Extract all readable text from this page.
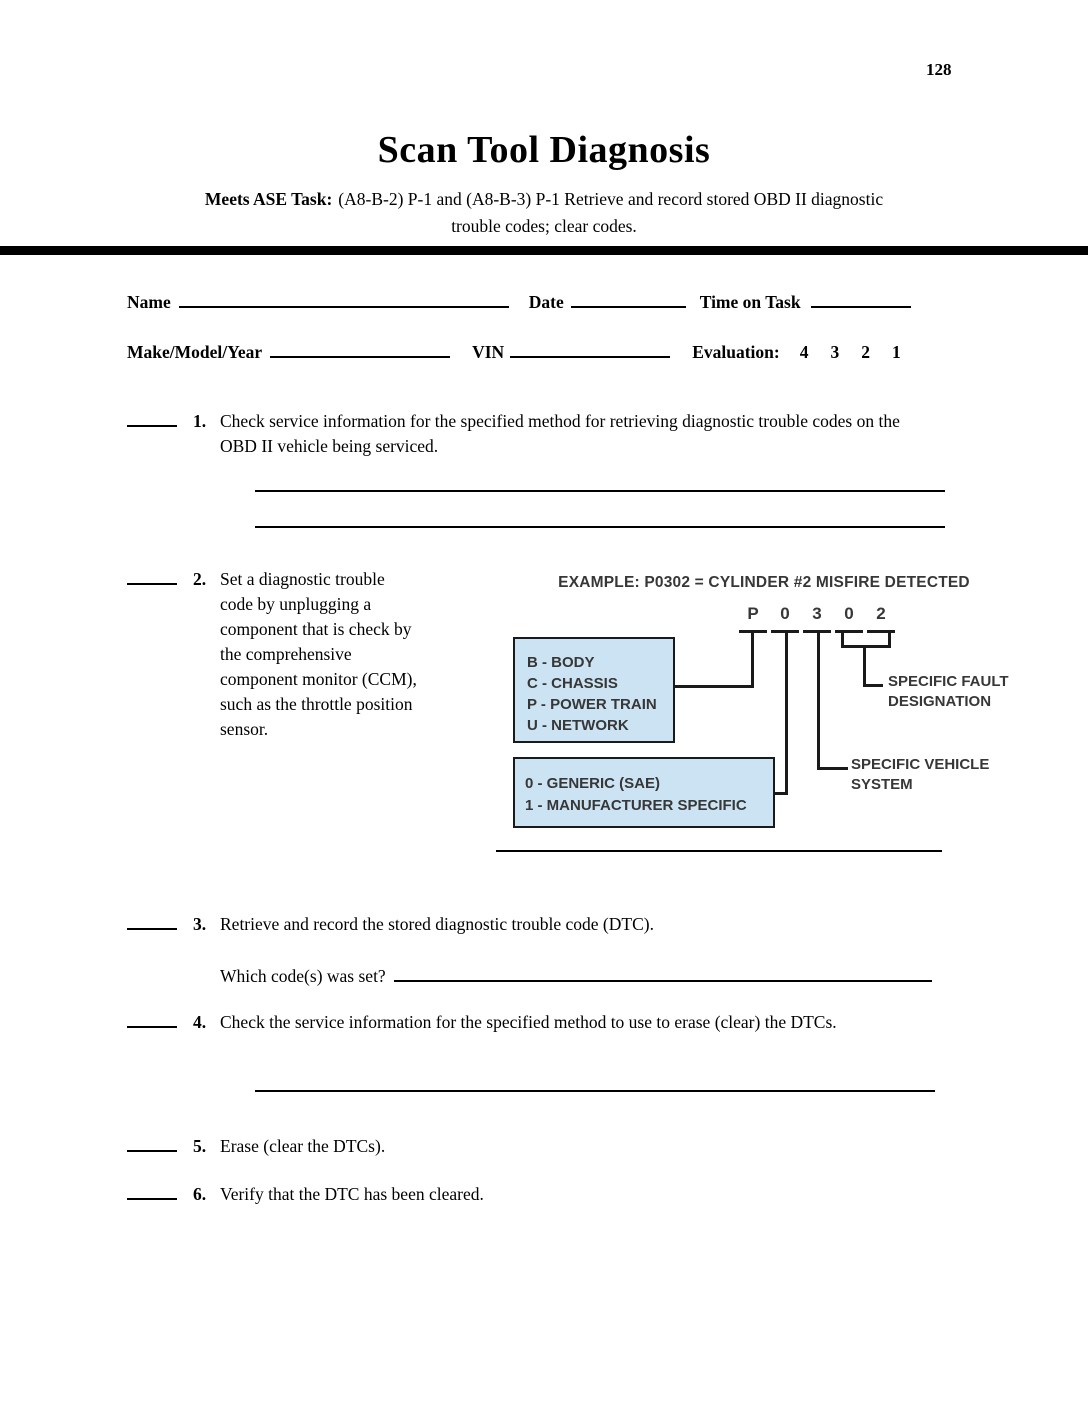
128
Scan Tool Diagnosis
Meets ASE Task: (A8-B-2) P-1 and (A8-B-3) P-1 Retrieve and record stored OBD II diagnostic
trouble codes; clear codes.
Name	Date	Time on Task
Make/Model/Year	VIN	Evaluation: 4 3 2 1
1. Check service information for the specified method for retrieving diagnostic trouble codes on the OBD II vehicle being serviced.
2. Set a diagnostic trouble
code by unplugging a
component that is check by
the comprehensive
component monitor (CCM),
such as the throttle position
sensor.
EXAMPLE: P0302 = CYLINDER #2 MISFIRE DETECTED
P	0	3	0	2
B - BODY
C - CHASSIS
P - POWER TRAIN
U - NETWORK
0 - GENERIC (SAE)
1 - MANUFACTURER SPECIFIC
SPECIFIC FAULT
DESIGNATION
SPECIFIC VEHICLE
SYSTEM
3. Retrieve and record the stored diagnostic trouble code (DTC).
Which code(s) was set?
4. Check the service information for the specified method to use to erase (clear) the DTCs.
5. Erase (clear the DTCs).
6. Verify that the DTC has been cleared.
